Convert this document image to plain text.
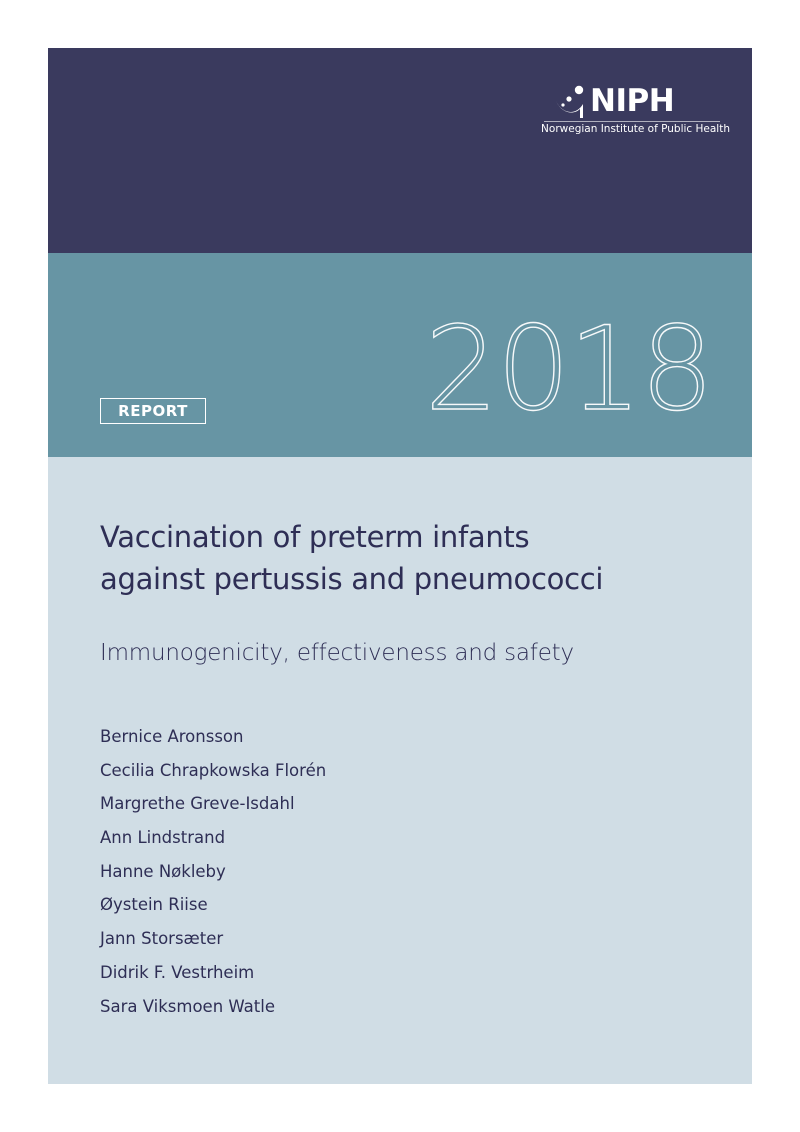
NIPH
Norwegian Institute of Public Health
2018
REPORT
Vaccination of preterm infants
against pertussis and pneumococci

Immunogenicity, effectiveness and safety

Bernice Aronsson
Cecilia Chrapkowska Florén
Margrethe Greve-Isdahl
Ann Lindstrand
Hanne Nøkleby
Øystein Riise
Jann Storsæter
Didrik F. Vestrheim
Sara Viksmoen Watle
